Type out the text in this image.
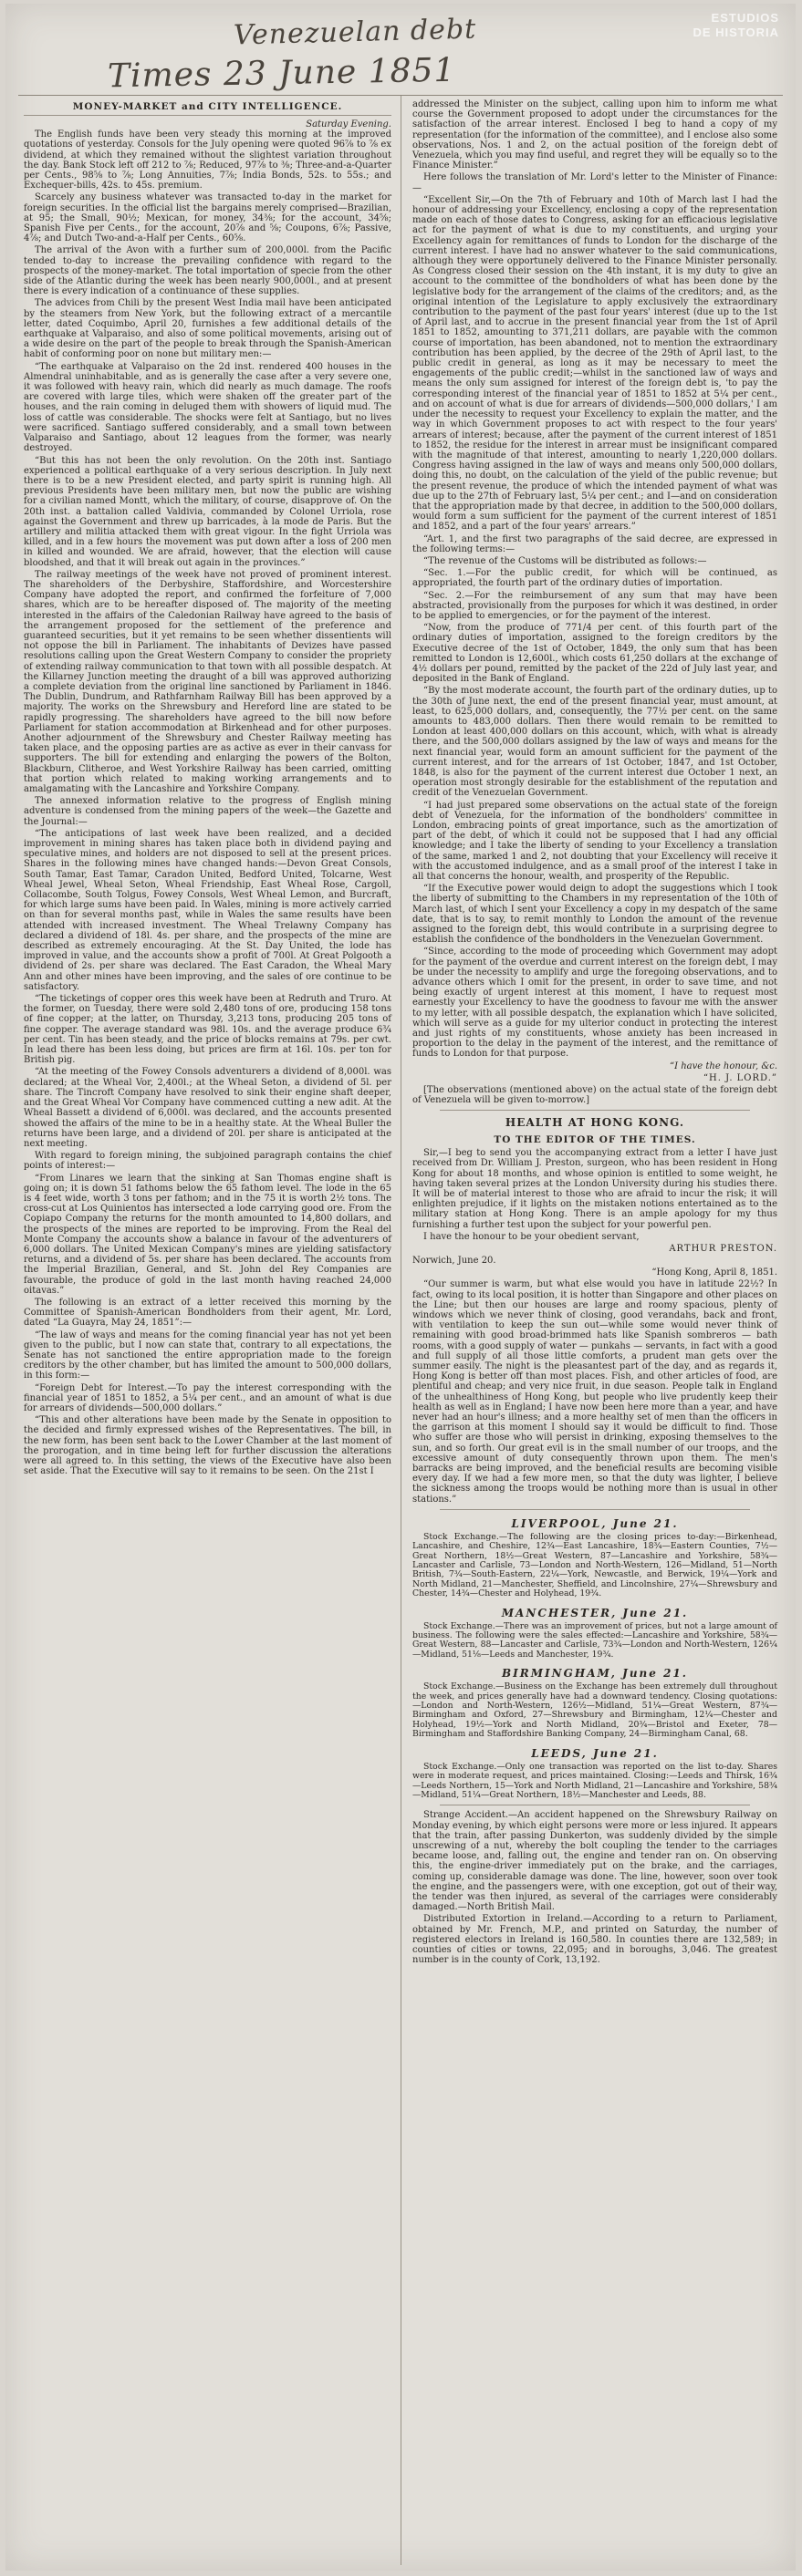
Venezuelan debt
Times 23 June 1851
ESTUDIOS
DE HISTORIA
MONEY-MARKET and CITY INTELLIGENCE.

Saturday Evening.

The English funds have been very steady this morning at the improved quotations of yesterday. Consols for the July opening were quoted 96⅞ to ⅞ ex dividend, at which they remained without the slightest variation throughout the day. Bank Stock left off 212 to ⅞; Reduced, 97⅞ to ⅜; Three-and-a-Quarter per Cents., 98⅝ to ⅞; Long Annuities, 7⅞; India Bonds, 52s. to 55s.; and Exchequer-bills, 42s. to 45s. premium.

Scarcely any business whatever was transacted to-day in the market for foreign securities. In the official list the bargains merely comprised—Brazilian, at 95; the Small, 90½; Mexican, for money, 34⅜; for the account, 34⅝; Spanish Five per Cents., for the account, 20⅞ and ⅝; Coupons, 6⅞; Passive, 4⅞; and Dutch Two-and-a-Half per Cents., 60⅝.

The arrival of the Avon with a further sum of 200,000l. from the Pacific tended to-day to increase the prevailing confidence with regard to the prospects of the money-market. The total importation of specie from the other side of the Atlantic during the week has been nearly 900,000l., and at present there is every indication of a continuance of these supplies.

The advices from Chili by the present West India mail have been anticipated by the steamers from New York, but the following extract of a mercantile letter, dated Coquimbo, April 20, furnishes a few additional details of the earthquake at Valparaiso, and also of some political movements, arising out of a wide desire on the part of the people to break through the Spanish-American habit of conforming poor on none but military men:—

“The earthquake at Valparaiso on the 2d inst. rendered 400 houses in the Almendral uninhabitable, and as is generally the case after a very severe one, it was followed with heavy rain, which did nearly as much damage. The roofs are covered with large tiles, which were shaken off the greater part of the houses, and the rain coming in deluged them with showers of liquid mud. The loss of cattle was considerable. The shocks were felt at Santiago, but no lives were sacrificed. Santiago suffered considerably, and a small town between Valparaiso and Santiago, about 12 leagues from the former, was nearly destroyed.

“But this has not been the only revolution. On the 20th inst. Santiago experienced a political earthquake of a very serious description. In July next there is to be a new President elected, and party spirit is running high. All previous Presidents have been military men, but now the public are wishing for a civilian named Montt, which the military, of course, disapprove of. On the 20th inst. a battalion called Valdivia, commanded by Colonel Urriola, rose against the Government and threw up barricades, à la mode de Paris. But the artillery and militia attacked them with great vigour. In the fight Urriola was killed, and in a few hours the movement was put down after a loss of 200 men in killed and wounded. We are afraid, however, that the election will cause bloodshed, and that it will break out again in the provinces.”

The railway meetings of the week have not proved of prominent interest. The shareholders of the Derbyshire, Staffordshire, and Worcestershire Company have adopted the report, and confirmed the forfeiture of 7,000 shares, which are to be hereafter disposed of. The majority of the meeting interested in the affairs of the Caledonian Railway have agreed to the basis of the arrangement proposed for the settlement of the preference and guaranteed securities, but it yet remains to be seen whether dissentients will not oppose the bill in Parliament. The inhabitants of Devizes have passed resolutions calling upon the Great Western Company to consider the propriety of extending railway communication to that town with all possible despatch. At the Killarney Junction meeting the draught of a bill was approved authorizing a complete deviation from the original line sanctioned by Parliament in 1846. The Dublin, Dundrum, and Rathfarnham Railway Bill has been approved by a majority. The works on the Shrewsbury and Hereford line are stated to be rapidly progressing. The shareholders have agreed to the bill now before Parliament for station accommodation at Birkenhead and for other purposes. Another adjournment of the Shrewsbury and Chester Railway meeting has taken place, and the opposing parties are as active as ever in their canvass for supporters. The bill for extending and enlarging the powers of the Bolton, Blackburn, Clitheroe, and West Yorkshire Railway has been carried, omitting that portion which related to making working arrangements and to amalgamating with the Lancashire and Yorkshire Company.

The annexed information relative to the progress of English mining adventure is condensed from the mining papers of the week—the Gazette and the Journal:—

“The anticipations of last week have been realized, and a decided improvement in mining shares has taken place both in dividend paying and speculative mines, and holders are not disposed to sell at the present prices. Shares in the following mines have changed hands:—Devon Great Consols, South Tamar, East Tamar, Caradon United, Bedford United, Tolcarne, West Wheal Jewel, Wheal Seton, Wheal Friendship, East Wheal Rose, Cargoll, Collacombe, South Tolgus, Fowey Consols, West Wheal Lemon, and Burcraft, for which large sums have been paid. In Wales, mining is more actively carried on than for several months past, while in Wales the same results have been attended with increased investment. The Wheal Trelawny Company has declared a dividend of 18l. 4s. per share, and the prospects of the mine are described as extremely encouraging. At the St. Day United, the lode has improved in value, and the accounts show a profit of 700l. At Great Polgooth a dividend of 2s. per share was declared. The East Caradon, the Wheal Mary Ann and other mines have been improving, and the sales of ore continue to be satisfactory.

“The ticketings of copper ores this week have been at Redruth and Truro. At the former, on Tuesday, there were sold 2,480 tons of ore, producing 158 tons of fine copper; at the latter, on Thursday, 3,213 tons, producing 205 tons of fine copper. The average standard was 98l. 10s. and the average produce 6¾ per cent. Tin has been steady, and the price of blocks remains at 79s. per cwt. In lead there has been less doing, but prices are firm at 16l. 10s. per ton for British pig.

“At the meeting of the Fowey Consols adventurers a dividend of 8,000l. was declared; at the Wheal Vor, 2,400l.; at the Wheal Seton, a dividend of 5l. per share. The Tincroft Company have resolved to sink their engine shaft deeper, and the Great Wheal Vor Company have commenced cutting a new adit. At the Wheal Bassett a dividend of 6,000l. was declared, and the accounts presented showed the affairs of the mine to be in a healthy state. At the Wheal Buller the returns have been large, and a dividend of 20l. per share is anticipated at the next meeting.

With regard to foreign mining, the subjoined paragraph contains the chief points of interest:—

“From Linares we learn that the sinking at San Thomas engine shaft is going on; it is down 51 fathoms below the 65 fathom level. The lode in the 65 is 4 feet wide, worth 3 tons per fathom; and in the 75 it is worth 2½ tons. The cross-cut at Los Quinientos has intersected a lode carrying good ore. From the Copiapo Company the returns for the month amounted to 14,800 dollars, and the prospects of the mines are reported to be improving. From the Real del Monte Company the accounts show a balance in favour of the adventurers of 6,000 dollars. The United Mexican Company's mines are yielding satisfactory returns, and a dividend of 5s. per share has been declared. The accounts from the Imperial Brazilian, General, and St. John del Rey Companies are favourable, the produce of gold in the last month having reached 24,000 oitavas.”

The following is an extract of a letter received this morning by the Committee of Spanish-American Bondholders from their agent, Mr. Lord, dated “La Guayra, May 24, 1851”:—

“The law of ways and means for the coming financial year has not yet been given to the public, but I now can state that, contrary to all expectations, the Senate has not sanctioned the entire appropriation made to the foreign creditors by the other chamber, but has limited the amount to 500,000 dollars, in this form:—

“Foreign Debt for Interest.—To pay the interest corresponding with the financial year of 1851 to 1852, a 5¼ per cent., and an amount of what is due for arrears of dividends—500,000 dollars.”

“This and other alterations have been made by the Senate in opposition to the decided and firmly expressed wishes of the Representatives. The bill, in the new form, has been sent back to the Lower Chamber at the last moment of the prorogation, and in time being left for further discussion the alterations were all agreed to. In this setting, the views of the Executive have also been set aside. That the Executive will say to it remains to be seen. On the 21st I

addressed the Minister on the subject, calling upon him to inform me what course the Government proposed to adopt under the circumstances for the satisfaction of the arrear interest. Enclosed I beg to hand a copy of my representation (for the information of the committee), and I enclose also some observations, Nos. 1 and 2, on the actual position of the foreign debt of Venezuela, which you may find useful, and regret they will be equally so to the Finance Minister.”

Here follows the translation of Mr. Lord's letter to the Minister of Finance:—

“Excellent Sir,—On the 7th of February and 10th of March last I had the honour of addressing your Excellency, enclosing a copy of the representation made on each of those dates to Congress, asking for an efficacious legislative act for the payment of what is due to my constituents, and urging your Excellency again for remittances of funds to London for the discharge of the current interest. I have had no answer whatever to the said communications, although they were opportunely delivered to the Finance Minister personally. As Congress closed their session on the 4th instant, it is my duty to give an account to the committee of the bondholders of what has been done by the legislative body for the arrangement of the claims of the creditors; and, as the original intention of the Legislature to apply exclusively the extraordinary contribution to the payment of the past four years' interest (due up to the 1st of April last, and to accrue in the present financial year from the 1st of April 1851 to 1852, amounting to 371,211 dollars, are payable with the common course of importation, has been abandoned, not to mention the extraordinary contribution has been applied, by the decree of the 29th of April last, to the public credit in general, as long as it may be necessary to meet the engagements of the public credit;—whilst in the sanctioned law of ways and means the only sum assigned for interest of the foreign debt is, 'to pay the corresponding interest of the financial year of 1851 to 1852 at 5¼ per cent., and on account of what is due for arrears of dividends—500,000 dollars,' I am under the necessity to request your Excellency to explain the matter, and the way in which Government proposes to act with respect to the four years' arrears of interest; because, after the payment of the current interest of 1851 to 1852, the residue for the interest in arrear must be insignificant compared with the magnitude of that interest, amounting to nearly 1,220,000 dollars. Congress having assigned in the law of ways and means only 500,000 dollars, doing this, no doubt, on the calculation of the yield of the public revenue; but the present revenue, the produce of which the intended payment of what was due up to the 27th of February last, 5¼ per cent.; and I—and on consideration that the appropriation made by that decree, in addition to the 500,000 dollars, would form a sum sufficient for the payment of the current interest of 1851 and 1852, and a part of the four years' arrears.”

“Art. 1, and the first two paragraphs of the said decree, are expressed in the following terms:—

“The revenue of the Customs will be distributed as follows:—

“Sec. 1.—For the public credit, for which will be continued, as appropriated, the fourth part of the ordinary duties of importation.

“Sec. 2.—For the reimbursement of any sum that may have been abstracted, provisionally from the purposes for which it was destined, in order to be applied to emergencies, or for the payment of the interest.

“Now, from the produce of 771/4 per cent. of this fourth part of the ordinary duties of importation, assigned to the foreign creditors by the Executive decree of the 1st of October, 1849, the only sum that has been remitted to London is 12,600l., which costs 61,250 dollars at the exchange of 4½ dollars per pound, remitted by the packet of the 22d of July last year, and deposited in the Bank of England.

“By the most moderate account, the fourth part of the ordinary duties, up to the 30th of June next, the end of the present financial year, must amount, at least, to 625,000 dollars, and, consequently, the 77½ per cent. on the same amounts to 483,000 dollars. Then there would remain to be remitted to London at least 400,000 dollars on this account, which, with what is already there, and the 500,000 dollars assigned by the law of ways and means for the next financial year, would form an amount sufficient for the payment of the current interest, and for the arrears of 1st October, 1847, and 1st October, 1848, is also for the payment of the current interest due October 1 next, an operation most strongly desirable for the establishment of the reputation and credit of the Venezuelan Government.

“I had just prepared some observations on the actual state of the foreign debt of Venezuela, for the information of the bondholders' committee in London, embracing points of great importance, such as the amortization of part of the debt, of which it could not be supposed that I had any official knowledge; and I take the liberty of sending to your Excellency a translation of the same, marked 1 and 2, not doubting that your Excellency will receive it with the accustomed indulgence, and as a small proof of the interest I take in all that concerns the honour, wealth, and prosperity of the Republic.

“If the Executive power would deign to adopt the suggestions which I took the liberty of submitting to the Chambers in my representation of the 10th of March last, of which I sent your Excellency a copy in my despatch of the same date, that is to say, to remit monthly to London the amount of the revenue assigned to the foreign debt, this would contribute in a surprising degree to establish the confidence of the bondholders in the Venezuelan Government.

“Since, according to the mode of proceeding which Government may adopt for the payment of the overdue and current interest on the foreign debt, I may be under the necessity to amplify and urge the foregoing observations, and to advance others which I omit for the present, in order to save time, and not being exactly of urgent interest at this moment, I have to request most earnestly your Excellency to have the goodness to favour me with the answer to my letter, with all possible despatch, the explanation which I have solicited, which will serve as a guide for my ulterior conduct in protecting the interest and just rights of my constituents, whose anxiety has been increased in proportion to the delay in the payment of the interest, and the remittance of funds to London for that purpose.

“I have the honour, &c.
“H. J. LORD.”

[The observations (mentioned above) on the actual state of the foreign debt of Venezuela will be given to-morrow.]

HEALTH AT HONG KONG.
TO THE EDITOR OF THE TIMES.

Sir,—I beg to send you the accompanying extract from a letter I have just received from Dr. William J. Preston, surgeon, who has been resident in Hong Kong for about 18 months, and whose opinion is entitled to some weight, he having taken several prizes at the London University during his studies there. It will be of material interest to those who are afraid to incur the risk; it will enlighten prejudice, if it lights on the mistaken notions entertained as to the military station at Hong Kong. There is an ample apology for my thus furnishing a further test upon the subject for your powerful pen.

I have the honour to be your obedient servant,

ARTHUR PRESTON.

Norwich, June 20.

“Hong Kong, April 8, 1851.

“Our summer is warm, but what else would you have in latitude 22½? In fact, owing to its local position, it is hotter than Singapore and other places on the Line; but then our houses are large and roomy spacious, plenty of windows which we never think of closing, good verandahs, back and front, with ventilation to keep the sun out—while some would never think of remaining with good broad-brimmed hats like Spanish sombreros — bath rooms, with a good supply of water — punkahs — servants, in fact with a good and full supply of all those little comforts, a prudent man gets over the summer easily. The night is the pleasantest part of the day, and as regards it, Hong Kong is better off than most places. Fish, and other articles of food, are plentiful and cheap; and very nice fruit, in due season. People talk in England of the unhealthiness of Hong Kong, but people who live prudently keep their health as well as in England; I have now been here more than a year, and have never had an hour's illness; and a more healthy set of men than the officers in the garrison at this moment I should say it would be difficult to find. Those who suffer are those who will persist in drinking, exposing themselves to the sun, and so forth. Our great evil is in the small number of our troops, and the excessive amount of duty consequently thrown upon them. The men's barracks are being improved, and the beneficial results are becoming visible every day. If we had a few more men, so that the duty was lighter, I believe the sickness among the troops would be nothing more than is usual in other stations.”

LIVERPOOL, June 21.

Stock Exchange.—The following are the closing prices to-day:—Birkenhead, Lancashire, and Cheshire, 12¾—East Lancashire, 18¾—Eastern Counties, 7½—Great Northern, 18½—Great Western, 87—Lancashire and Yorkshire, 58¾—Lancaster and Carlisle, 73—London and North-Western, 126—Midland, 51—North British, 7¾—South-Eastern, 22¼—York, Newcastle, and Berwick, 19¼—York and North Midland, 21—Manchester, Sheffield, and Lincolnshire, 27¼—Shrewsbury and Chester, 14¾—Chester and Holyhead, 19¾.

MANCHESTER, June 21.

Stock Exchange.—There was an improvement of prices, but not a large amount of business. The following were the sales effected:—Lancashire and Yorkshire, 58¾—Great Western, 88—Lancaster and Carlisle, 73¾—London and North-Western, 126¼—Midland, 51⅛—Leeds and Manchester, 19¾.

BIRMINGHAM, June 21.

Stock Exchange.—Business on the Exchange has been extremely dull throughout the week, and prices generally have had a downward tendency. Closing quotations:—London and North-Western, 126½—Midland, 51¼—Great Western, 87¾—Birmingham and Oxford, 27—Shrewsbury and Birmingham, 12¼—Chester and Holyhead, 19½—York and North Midland, 20¾—Bristol and Exeter, 78—Birmingham and Staffordshire Banking Company, 24—Birmingham Canal, 68.

LEEDS, June 21.

Stock Exchange.—Only one transaction was reported on the list to-day. Shares were in moderate request, and prices maintained. Closing:—Leeds and Thirsk, 16¾—Leeds Northern, 15—York and North Midland, 21—Lancashire and Yorkshire, 58¾—Midland, 51¼—Great Northern, 18½—Manchester and Leeds, 88.

Strange Accident.—An accident happened on the Shrewsbury Railway on Monday evening, by which eight persons were more or less injured. It appears that the train, after passing Dunkerton, was suddenly divided by the simple unscrewing of a nut, whereby the bolt coupling the tender to the carriages became loose, and, falling out, the engine and tender ran on. On observing this, the engine-driver immediately put on the brake, and the carriages, coming up, considerable damage was done. The line, however, soon over took the engine, and the passengers were, with one exception, got out of their way, the tender was then injured, as several of the carriages were considerably damaged.—North British Mail.

Distributed Extortion in Ireland.—According to a return to Parliament, obtained by Mr. French, M.P., and printed on Saturday, the number of registered electors in Ireland is 160,580. In counties there are 132,589; in counties of cities or towns, 22,095; and in boroughs, 3,046. The greatest number is in the county of Cork, 13,192.
